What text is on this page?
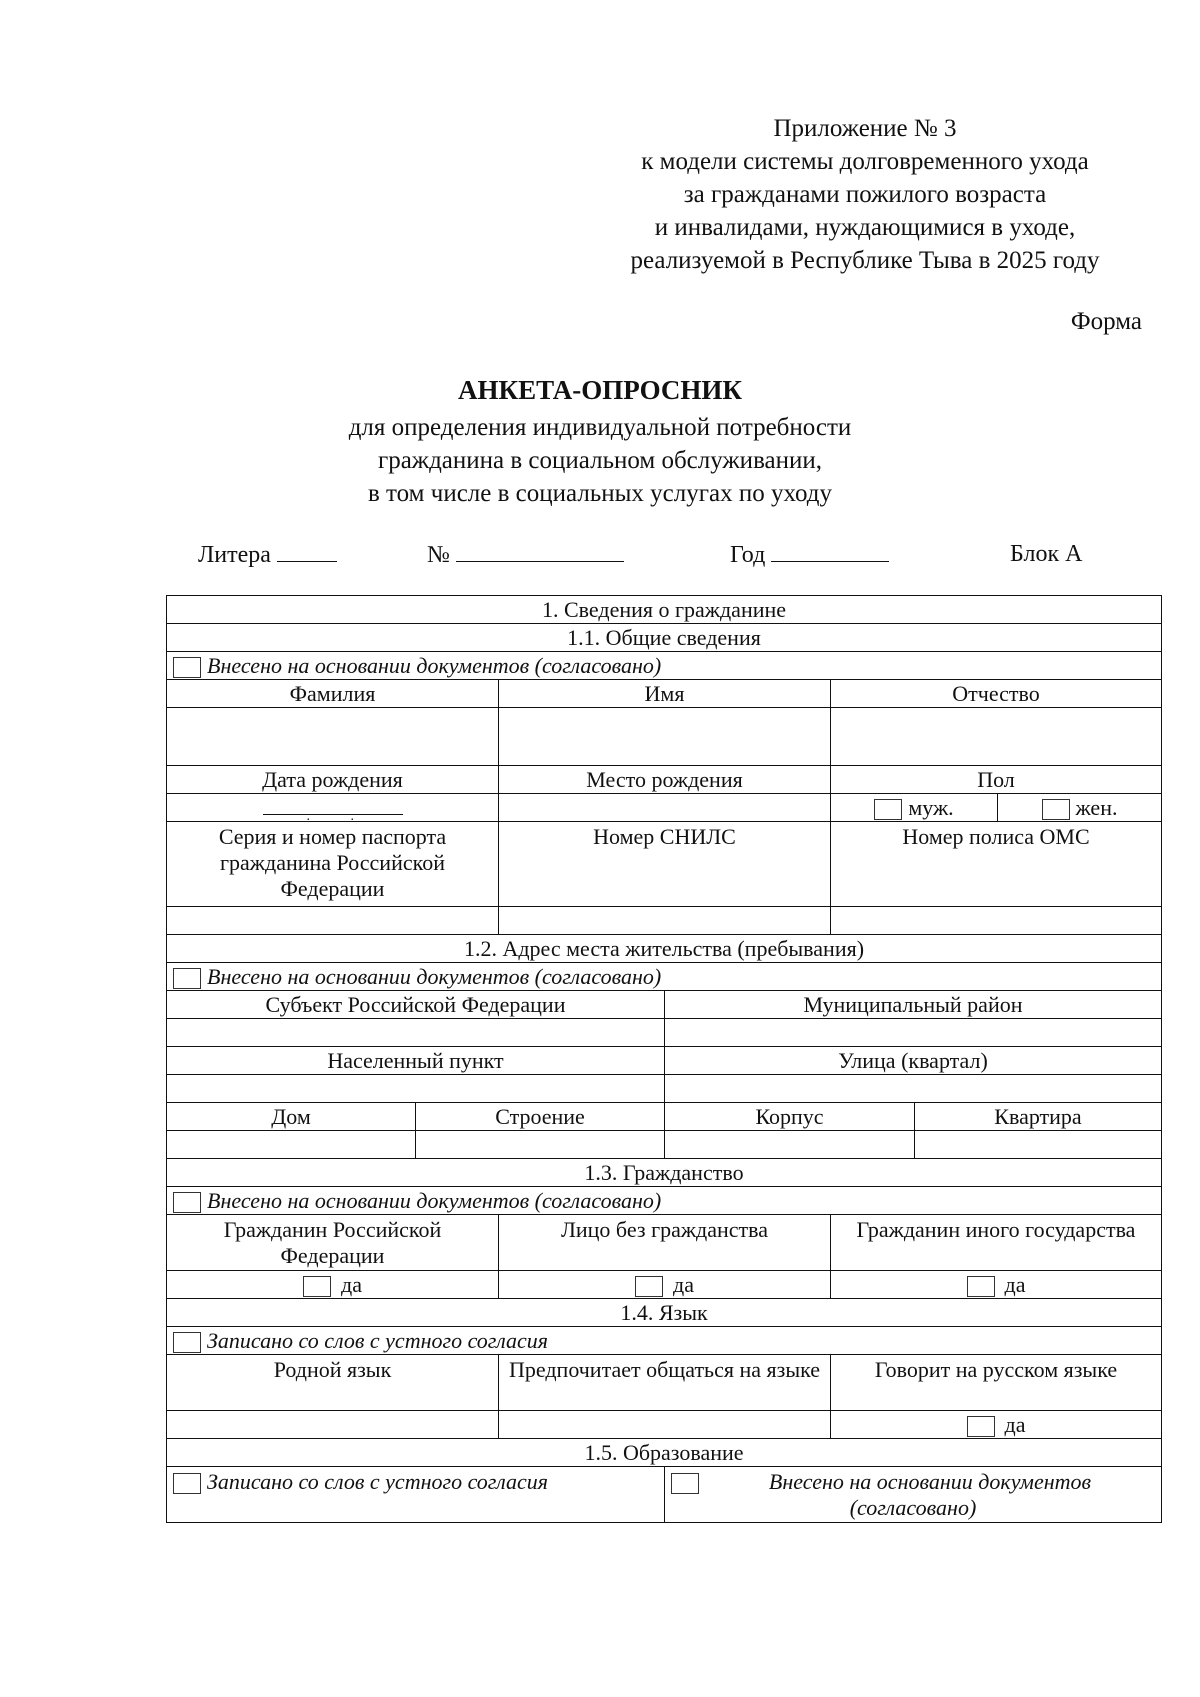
Приложение № 3
к модели системы долговременного ухода
за гражданами пожилого возраста
и инвалидами, нуждающимися в уходе,
реализуемой в Республике Тыва в 2025 году
Форма
АНКЕТА-ОПРОСНИК
для определения индивидуальной потребности
гражданина в социальном обслуживании,
в том числе в социальных услугах по уходу
Литера	№	Год	Блок А
1. Сведения о гражданине						
1.1. Общие сведения						
Внесено на основании документов (согласовано)						
Фамилия		Имя		Отчество		

Дата рождения		Место рождения		Пол		

. .				муж.		жен.
Серия и номер паспорта гражданина Российской Федерации		Номер СНИЛС		Номер полиса ОМС		

1.2. Адрес места жительства (пребывания)						
Внесено на основании документов (согласовано)						
Субъект Российской Федерации			Муниципальный район			

Населенный пункт			Улица (квартал)			

Дом	Строение		Корпус		Квартира	

1.3. Гражданство						
Внесено на основании документов (согласовано)						
Гражданин Российской Федерации		Лицо без гражданства		Гражданин иного государства		
да		да		да		
1.4. Язык						
Записано со слов с устного согласия						
Родной язык		Предпочитает общаться на языке		Говорит на русском языке		
				да		
1.5. Образование						
Записано со слов с устного согласия			Внесено на основании документов (согласовано)			
